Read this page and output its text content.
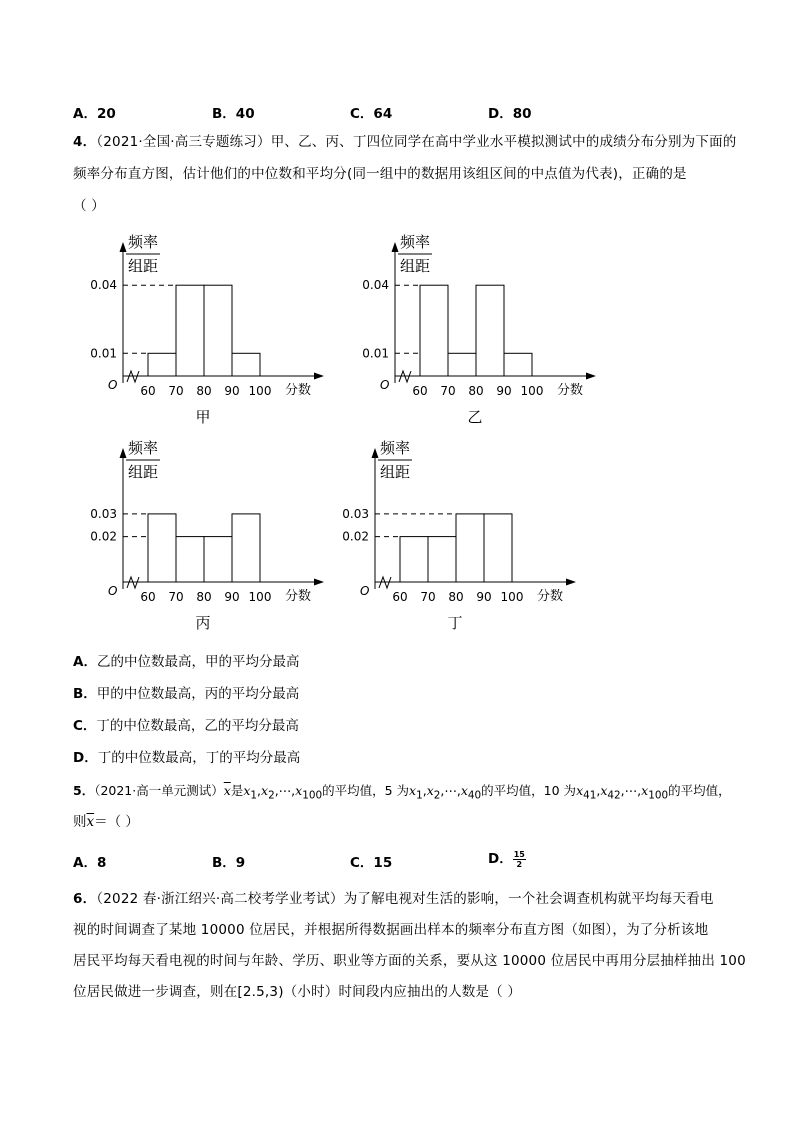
A．20	B．40	C．64	D．80
4．（2021·全国·高三专题练习）甲、乙、丙、丁四位同学在高中学业水平模拟测试中的成绩分布分别为下面的
频率分布直方图，估计他们的中位数和平均分(同一组中的数据用该组区间的中点值为代表)，正确的是
（ ）
频率
组距
0.04
0.01
60 70 80 90 100
O	分数
甲
频率
组距
0.04
0.01
60 70 80 90 100
O	分数
乙
频率
组距
0.03
0.02
60 70 80 90 100
O	分数
丙
频率
组距
0.03
0.02
60 70 80 90 100
O	分数
丁
A．乙的中位数最高，甲的平均分最高
B．甲的中位数最高，丙的平均分最高
C．丁的中位数最高，乙的平均分最高
D．丁的中位数最高，丁的平均分最高
5．（2021·高一单元测试）$\overline{x}$是$x_1,x_2,\cdots,x_{100}$的平均值，5 为$x_1,x_2,\cdots,x_{40}$的平均值，10 为$x_{41},x_{42},\cdots,x_{100}$的平均值，
则$\overline{x}=$（ ）
A．8	B．9	C．15	D． $\frac{15}{2}$
6．（2022 春·浙江绍兴·高二校考学业考试）为了解电视对生活的影响，一个社会调查机构就平均每天看电
视的时间调查了某地 10000 位居民，并根据所得数据画出样本的频率分布直方图（如图），为了分析该地
居民平均每天看电视的时间与年龄、学历、职业等方面的关系，要从这 10000 位居民中再用分层抽样抽出 100
位居民做进一步调查，则在[2.5,3)（小时）时间段内应抽出的人数是（ ）
